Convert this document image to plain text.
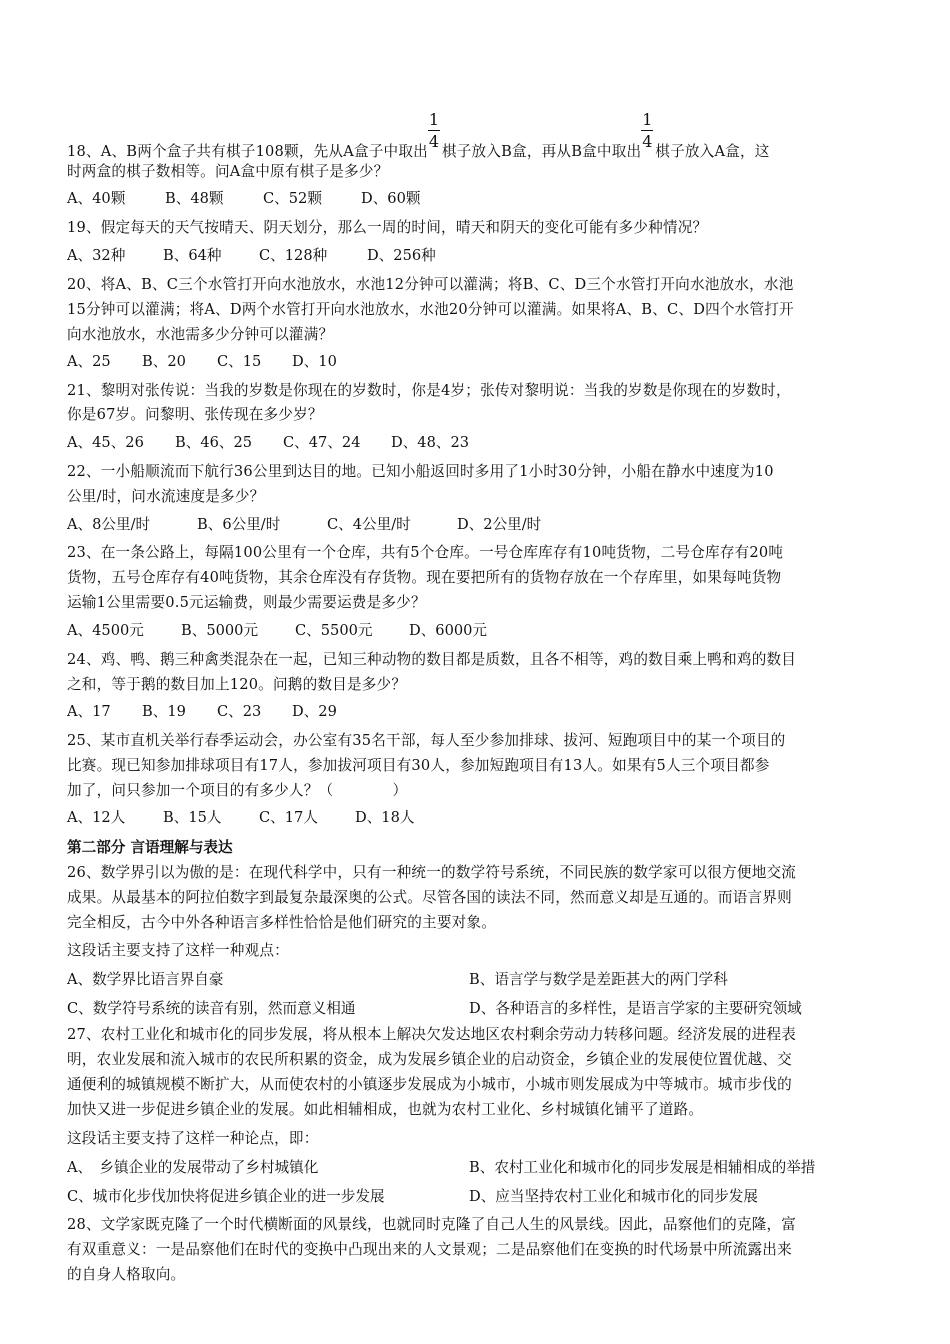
18、A、B两个盒子共有棋子108颗，先从A盒子中取出 $\frac{1}{4}$ 棋子放入B盒，再从B盒中取出 $\frac{1}{4}$ 棋子放入A盒，这
时两盒的棋子数相等。问A盒中原有棋子是多少？
A、40颗	B、48颗	C、52颗	D、60颗
19、假定每天的天气按晴天、阴天划分，那么一周的时间，晴天和阴天的变化可能有多少种情况？
A、32种	B、64种	C、128种	D、256种
20、将A、B、C三个水管打开向水池放水，水池12分钟可以灌满；将B、C、D三个水管打开向水池放水，水池
15分钟可以灌满；将A、D两个水管打开向水池放水，水池20分钟可以灌满。如果将A、B、C、D四个水管打开
向水池放水，水池需多少分钟可以灌满？
A、25 B、20 C、15 D、10
21、黎明对张传说：当我的岁数是你现在的岁数时，你是4岁；张传对黎明说：当我的岁数是你现在的岁数时，
你是67岁。问黎明、张传现在多少岁？
A、45、26 B、46、25 C、47、24 D、48、23
22、一小船顺流而下航行36公里到达目的地。已知小船返回时多用了1小时30分钟，小船在静水中速度为10
公里/时，问水流速度是多少？
A、8公里/时	B、6公里/时	C、4公里/时	D、2公里/时
23、在一条公路上，每隔100公里有一个仓库，共有5个仓库。一号仓库库存有10吨货物，二号仓库存有20吨
货物，五号仓库存有40吨货物，其余仓库没有存货物。现在要把所有的货物存放在一个存库里，如果每吨货物
运输1公里需要0.5元运输费，则最少需要运费是多少？
A、4500元	B、5000元	C、5500元	D、6000元
24、鸡、鸭、鹅三种禽类混杂在一起，已知三种动物的数目都是质数，且各不相等，鸡的数目乘上鸭和鸡的数目
之和，等于鹅的数目加上120。问鹅的数目是多少？
A、17 B、19 C、23 D、29
25、某市直机关举行春季运动会，办公室有35名干部，每人至少参加排球、拔河、短跑项目中的某一个项目的
比赛。现已知参加排球项目有17人，参加拔河项目有30人，参加短跑项目有13人。如果有5人三个项目都参
加了，问只参加一个项目的有多少人？（　　　　）
A、12人	B、15人	C、17人	D、18人
第二部分 言语理解与表达
26、数学界引以为傲的是：在现代科学中，只有一种统一的数学符号系统，不同民族的数学家可以很方便地交流
成果。从最基本的阿拉伯数字到最复杂最深奥的公式。尽管各国的读法不同，然而意义却是互通的。而语言界则
完全相反，古今中外各种语言多样性恰恰是他们研究的主要对象。
这段话主要支持了这样一种观点：
A、数学界比语言界自豪	B、语言学与数学是差距甚大的两门学科
C、数学符号系统的读音有别，然而意义相通	D、各种语言的多样性，是语言学家的主要研究领域
27、农村工业化和城市化的同步发展，将从根本上解决欠发达地区农村剩余劳动力转移问题。经济发展的进程表
明，农业发展和流入城市的农民所积累的资金，成为发展乡镇企业的启动资金，乡镇企业的发展使位置优越、交
通便利的城镇规模不断扩大，从而使农村的小镇逐步发展成为小城市，小城市则发展成为中等城市。城市步伐的
加快又进一步促进乡镇企业的发展。如此相辅相成，也就为农村工业化、乡村城镇化铺平了道路。
这段话主要支持了这样一种论点，即：
A、　乡镇企业的发展带动了乡村城镇化	B、农村工业化和城市化的同步发展是相辅相成的举措
C、城市化步伐加快将促进乡镇企业的进一步发展	D、应当坚持农村工业化和城市化的同步发展
28、文学家既克隆了一个时代横断面的风景线，也就同时克隆了自己人生的风景线。因此，品察他们的克隆，富
有双重意义：一是品察他们在时代的变换中凸现出来的人文景观；二是品察他们在变换的时代场景中所流露出来
的自身人格取向。
